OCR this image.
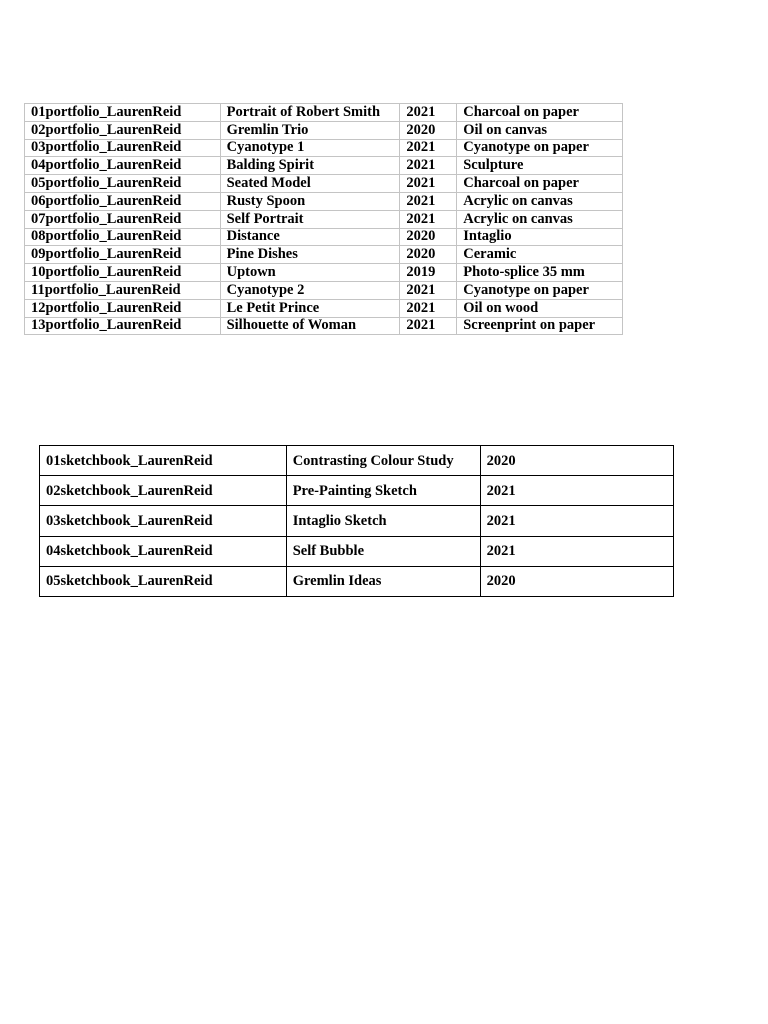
01portfolio_LaurenReid	Portrait of Robert Smith	2021	Charcoal on paper
02portfolio_LaurenReid	Gremlin Trio	2020	Oil on canvas
03portfolio_LaurenReid	Cyanotype 1	2021	Cyanotype on paper
04portfolio_LaurenReid	Balding Spirit	2021	Sculpture
05portfolio_LaurenReid	Seated Model	2021	Charcoal on paper
06portfolio_LaurenReid	Rusty Spoon	2021	Acrylic on canvas
07portfolio_LaurenReid	Self Portrait	2021	Acrylic on canvas
08portfolio_LaurenReid	Distance	2020	Intaglio
09portfolio_LaurenReid	Pine Dishes	2020	Ceramic
10portfolio_LaurenReid	Uptown	2019	Photo-splice 35 mm
11portfolio_LaurenReid	Cyanotype 2	2021	Cyanotype on paper
12portfolio_LaurenReid	Le Petit Prince	2021	Oil on wood
13portfolio_LaurenReid	Silhouette of Woman	2021	Screenprint on paper
01sketchbook_LaurenReid	Contrasting Colour Study	2020
02sketchbook_LaurenReid	Pre-Painting Sketch	2021
03sketchbook_LaurenReid	Intaglio Sketch	2021
04sketchbook_LaurenReid	Self Bubble	2021
05sketchbook_LaurenReid	Gremlin Ideas	2020
